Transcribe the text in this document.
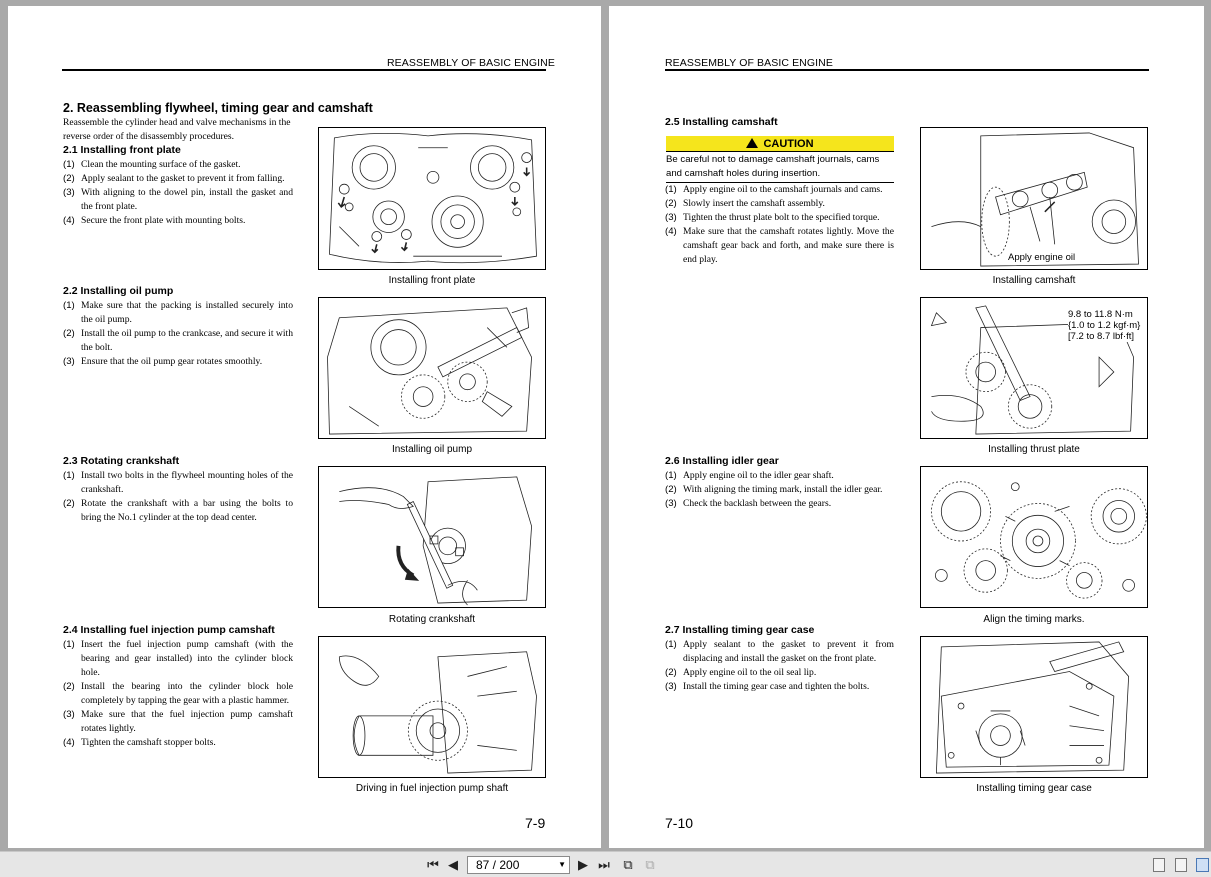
REASSEMBLY OF BASIC ENGINE
2. Reassembling flywheel, timing gear and camshaft
Reassemble the cylinder head and valve mechanisms in the reverse order of the disassembly procedures.
2.1 Installing front plate
(1) Clean the mounting surface of the gasket.
(2) Apply sealant to the gasket to prevent it from falling.
(3) With aligning to the dowel pin, install the gasket and the front plate.
(4) Secure the front plate with mounting bolts.
Installing front plate
2.2 Installing oil pump
(1) Make sure that the packing is installed securely into the oil pump.
(2) Install the oil pump to the crankcase, and secure it with the bolt.
(3) Ensure that the oil pump gear rotates smoothly.
Installing oil pump
2.3 Rotating crankshaft
(1) Install two bolts in the flywheel mounting holes of the crankshaft.
(2) Rotate the crankshaft with a bar using the bolts to bring the No.1 cylinder at the top dead center.
Rotating crankshaft
2.4 Installing fuel injection pump camshaft
(1) Insert the fuel injection pump camshaft (with the bearing and gear installed) into the cylinder block hole.
(2) Install the bearing into the cylinder block hole completely by tapping the gear with a plastic hammer.
(3) Make sure that the fuel injection pump camshaft rotates lightly.
(4) Tighten the camshaft stopper bolts.
Driving in fuel injection pump shaft
7-9
REASSEMBLY OF BASIC ENGINE
2.5 Installing camshaft
CAUTION
Be careful not to damage camshaft journals, cams and camshaft holes during insertion.
(1) Apply engine oil to the camshaft journals and cams.
(2) Slowly insert the camshaft assembly.
(3) Tighten the thrust plate bolt to the specified torque.
(4) Make sure that the camshaft rotates lightly. Move the camshaft gear back and forth, and make sure there is end play.	Apply engine oil
Installing camshaft
9.8 to 11.8 N·m
{1.0 to 1.2 kgf·m}
[7.2 to 8.7 lbf·ft]
Installing thrust plate
2.6 Installing idler gear
(1) Apply engine oil to the idler gear shaft.
(2) With aligning the timing mark, install the idler gear.
(3) Check the backlash between the gears.
Align the timing marks.
2.7 Installing timing gear case
(1) Apply sealant to the gasket to prevent it from displacing and install the gasket on the front plate.
(2) Apply engine oil to the oil seal lip.
(3) Install the timing gear case and tighten the bolts.
Installing timing gear case
7-10
⏮ ◀	87 / 200	▼ ▶ ⏭ ⧉ ⧉
